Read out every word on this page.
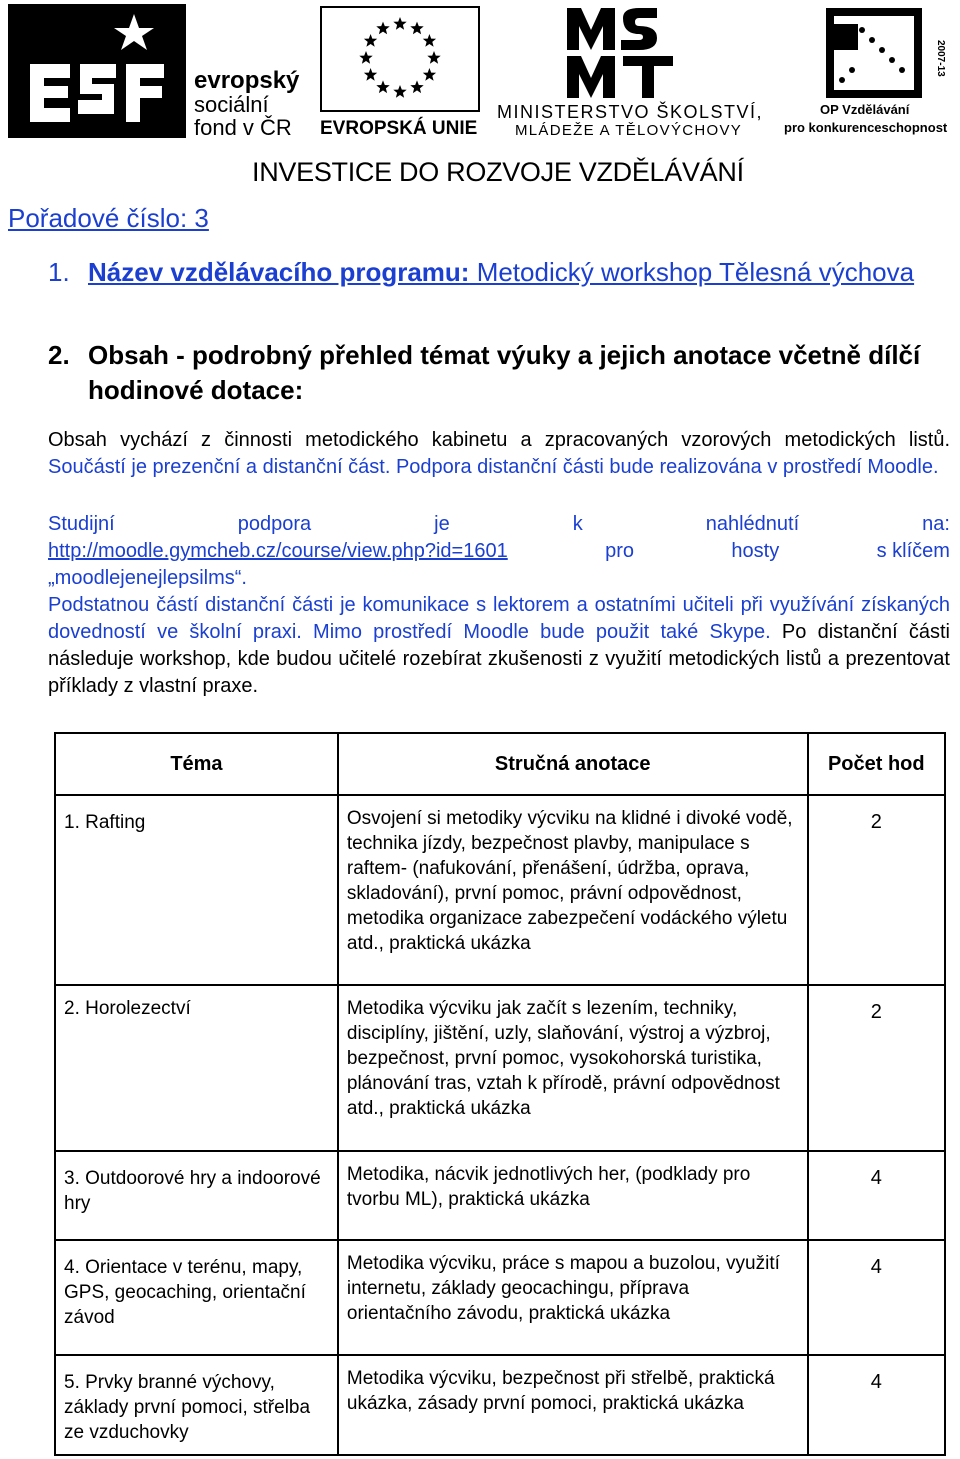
evropský
sociální
fond v ČR EVROPSKÁ UNIE
MINISTERSTVO ŠKOLSTVÍ,
MLÁDEŽE A TĚLOVÝCHOVY
2007-13
OP Vzdělávání
pro konkurenceschopnost
INVESTICE DO ROZVOJE VZDĚLÁVÁNÍ
Pořadové číslo: 3
1. Název vzdělávacího programu: Metodický workshop Tělesná výchova
2. Obsah - podrobný přehled témat výuky a jejich anotace včetně dílčí hodinové dotace:
Obsah vychází z činnosti metodického kabinetu a zpracovaných vzorových metodických listů. Součástí je prezenční a distanční část. Podpora distanční části bude realizována v prostředí Moodle.
Studijní	podpora	je	k	nahlédnutí	na:
http://moodle.gymcheb.cz/course/view.php?id=1601	pro	hosty	s klíčem
„moodlejenejlepsilms“.
Podstatnou částí distanční části je komunikace s lektorem a ostatními učiteli při využívání získaných dovedností ve školní praxi. Mimo prostředí Moodle bude použit také Skype. Po distanční části následuje workshop, kde budou učitelé rozebírat zkušenosti z využití metodických listů a prezentovat příklady z vlastní praxe.
Téma	Stručná anotace	Počet hod

1. Rafting	Osvojení si metodiky výcviku na klidné i divoké vodě, technika jízdy, bezpečnost plavby, manipulace s raftem- (nafukování, přenášení, údržba, oprava, skladování), první pomoc, právní odpovědnost, metodika organizace zabezpečení vodáckého výletu atd., praktická ukázka	2

2. Horolezectví	Metodika výcviku jak začít s lezením, techniky, disciplíny, jištění, uzly, slaňování, výstroj a výzbroj, bezpečnost, první pomoc, vysokohorská turistika, plánování tras, vztah k přírodě, právní odpovědnost atd., praktická ukázka	2

3. Outdoorové hry a indoorové hry	Metodika, nácvik jednotlivých her, (podklady pro tvorbu ML), praktická ukázka	4

4. Orientace v terénu, mapy, GPS, geocaching, orientační závod	Metodika výcviku, práce s mapou a buzolou, využití internetu, základy geocachingu, příprava orientačního závodu, praktická ukázka	4

5. Prvky branné výchovy, základy první pomoci, střelba ze vzduchovky	Metodika výcviku, bezpečnost při střelbě, praktická ukázka, zásady první pomoci, praktická ukázka	4
